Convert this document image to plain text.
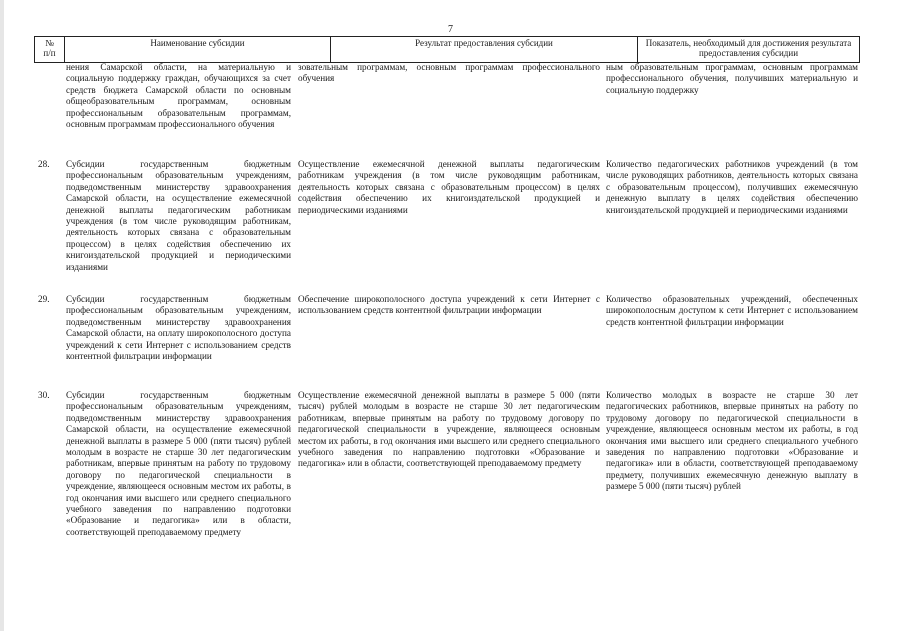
7
№
п/п
Наименование субсидии	Результат предоставления субсидии	Показатель, необходимый для достижения результата предоставления субсидии
нения Самарской области, на материальную и социальную поддержку граждан, обучающихся за счет средств бюджета Самарской области по основным общеобразовательным программам, основным профессиональным образовательным программам, основным программам профессионального обучения
зовательным программам, основным программам профессионального обучения
ным образовательным программам, основным программам профессионального обучения, получивших материальную и социальную поддержку
28. Субсидии государственным бюджетным профессиональным образовательным учреждениям, подведомственным министерству здравоохранения Самарской области, на осуществление ежемесячной денежной выплаты педагогическим работникам учреждения (в том числе руководящим работникам, деятельность которых связана с образовательным процессом) в целях содействия обеспечению их книгоиздательской продукцией и периодическими изданиями
Осуществление ежемесячной денежной выплаты педагогическим работникам учреждения (в том числе руководящим работникам, деятельность которых связана с образовательным процессом) в целях содействия обеспечению их книгоиздательской продукцией и периодическими изданиями
Количество педагогических работников учреждений (в том числе руководящих работников, деятельность которых связана с образовательным процессом), получивших ежемесячную денежную выплату в целях содействия обеспечению книгоиздательской продукцией и периодическими изданиями
29. Субсидии государственным бюджетным профессиональным образовательным учреждениям, подведомственным министерству здравоохранения Самарской области, на оплату широкополосного доступа учреждений к сети Интернет с использованием средств контентной фильтрации информации
Обеспечение широкополосного доступа учреждений к сети Интернет с использованием средств контентной фильтрации информации
Количество образовательных учреждений, обеспеченных широкополосным доступом к сети Интернет с использованием средств контентной фильтрации информации
30. Субсидии государственным бюджетным профессиональным образовательным учреждениям, подведомственным министерству здравоохранения Самарской области, на осуществление ежемесячной денежной выплаты в размере 5 000 (пяти тысяч) рублей молодым в возрасте не старше 30 лет педагогическим работникам, впервые принятым на работу по трудовому договору по педагогической специальности в учреждение, являющееся основным местом их работы, в год окончания ими высшего или среднего специального учебного заведения по направлению подготовки «Образование и педагогика» или в области, соответствующей преподаваемому предмету
Осуществление ежемесячной денежной выплаты в размере 5 000 (пяти тысяч) рублей молодым в возрасте не старше 30 лет педагогическим работникам, впервые принятым на работу по трудовому договору по педагогической специальности в учреждение, являющееся основным местом их работы, в год окончания ими высшего или среднего специального учебного заведения по направлению подготовки «Образование и педагогика» или в области, соответствующей преподаваемому предмету
Количество молодых в возрасте не старше 30 лет педагогических работников, впервые принятых на работу по трудовому договору по педагогической специальности в учреждение, являющееся основным местом их работы, в год окончания ими высшего или среднего специального учебного заведения по направлению подготовки «Образование и педагогика» или в области, соответствующей преподаваемому предмету, получивших ежемесячную денежную выплату в размере 5 000 (пяти тысяч) рублей
